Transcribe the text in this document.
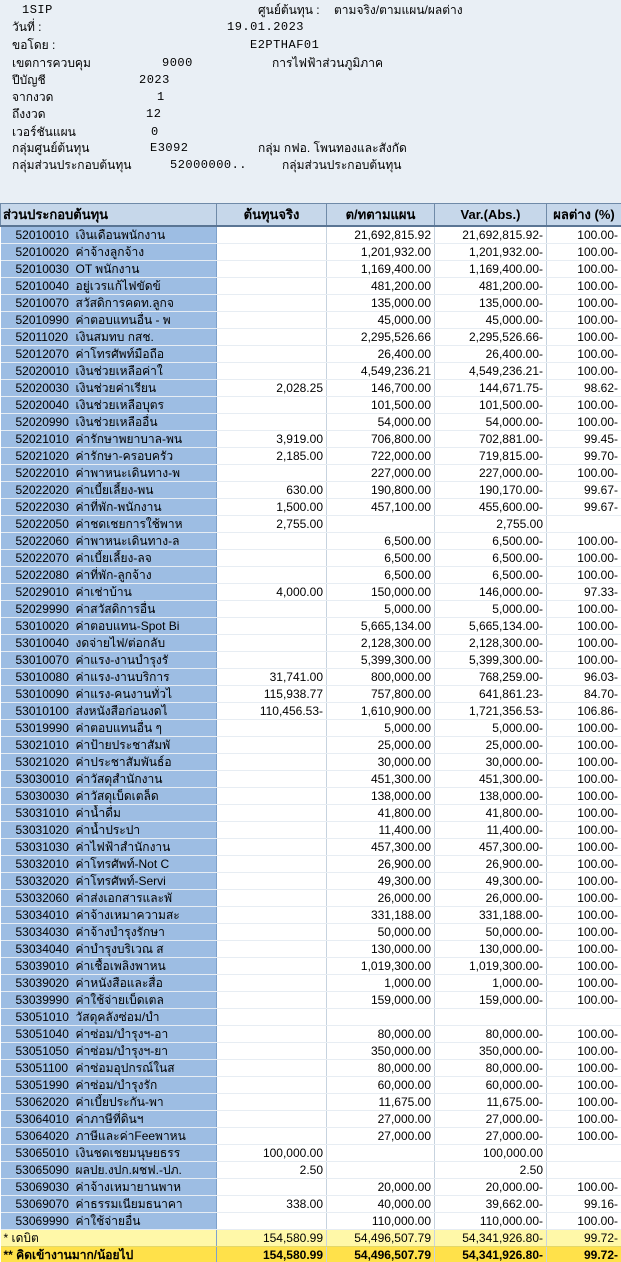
1SIP	ศูนย์ต้นทุน : ตามจริง/ตามแผน/ผลต่าง
วันที่ :	19.01.2023
ขอโดย :	E2PTHAF01
เขตการควบคุม	9000	การไฟฟ้าส่วนภูมิภาค
ปีบัญชี	2023
จากงวด	1
ถึงงวด	12
เวอร์ชันแผน	0
กลุ่มศูนย์ต้นทุน	E3092	กลุ่ม กฟอ. โพนทองและสังกัด
กลุ่มส่วนประกอบต้นทุน	52000000..	กลุ่มส่วนประกอบต้นทุน
ส่วนประกอบต้นทุน	ต้นทุนจริง	ต/ทตามแผน	Var.(Abs.)	ผลต่าง (%)
52010010 เงินเดือนพนักงาน		21,692,815.92	21,692,815.92-	100.00-
52010020 ค่าจ้างลูกจ้าง		1,201,932.00	1,201,932.00-	100.00-
52010030 OT พนักงาน		1,169,400.00	1,169,400.00-	100.00-
52010040 อยู่เวรแก้ไฟขัดข้		481,200.00	481,200.00-	100.00-
52010070 สวัสดิการคดท.ลูกจ		135,000.00	135,000.00-	100.00-
52010990 ค่าตอบแทนอื่น - พ		45,000.00	45,000.00-	100.00-
52011020 เงินสมทบ กสช.		2,295,526.66	2,295,526.66-	100.00-
52012070 ค่าโทรศัพท์มือถือ		26,400.00	26,400.00-	100.00-
52020010 เงินช่วยเหลือค่าใ		4,549,236.21	4,549,236.21-	100.00-
52020030 เงินช่วยค่าเรียน	2,028.25	146,700.00	144,671.75-	98.62-
52020040 เงินช่วยเหลือบุตร		101,500.00	101,500.00-	100.00-
52020990 เงินช่วยเหลืออื่น		54,000.00	54,000.00-	100.00-
52021010 ค่ารักษาพยาบาล-พน	3,919.00	706,800.00	702,881.00-	99.45-
52021020 ค่ารักษา-ครอบครัว	2,185.00	722,000.00	719,815.00-	99.70-
52022010 ค่าพาหนะเดินทาง-พ		227,000.00	227,000.00-	100.00-
52022020 ค่าเบี้ยเลี้ยง-พน	630.00	190,800.00	190,170.00-	99.67-
52022030 ค่าที่พัก-พนักงาน	1,500.00	457,100.00	455,600.00-	99.67-
52022050 ค่าชดเชยการใช้พาห	2,755.00		2,755.00	
52022060 ค่าพาหนะเดินทาง-ล		6,500.00	6,500.00-	100.00-
52022070 ค่าเบี้ยเลี้ยง-ลจ		6,500.00	6,500.00-	100.00-
52022080 ค่าที่พัก-ลูกจ้าง		6,500.00	6,500.00-	100.00-
52029010 ค่าเช่าบ้าน	4,000.00	150,000.00	146,000.00-	97.33-
52029990 ค่าสวัสดิการอื่น		5,000.00	5,000.00-	100.00-
53010020 ค่าตอบแทน-Spot Bi		5,665,134.00	5,665,134.00-	100.00-
53010040 งดจ่ายไฟ/ต่อกลับ		2,128,300.00	2,128,300.00-	100.00-
53010070 ค่าแรง-งานบำรุงรั		5,399,300.00	5,399,300.00-	100.00-
53010080 ค่าแรง-งานบริการ	31,741.00	800,000.00	768,259.00-	96.03-
53010090 ค่าแรง-คนงานทั่วไ	115,938.77	757,800.00	641,861.23-	84.70-
53010100 ส่งหนังสือก่อนงดไ	110,456.53-	1,610,900.00	1,721,356.53-	106.86-
53019990 ค่าตอบแทนอื่น ๆ		5,000.00	5,000.00-	100.00-
53021010 ค่าป้ายประชาสัมพั		25,000.00	25,000.00-	100.00-
53021020 ค่าประชาสัมพันธ์อ		30,000.00	30,000.00-	100.00-
53030010 ค่าวัสดุสำนักงาน		451,300.00	451,300.00-	100.00-
53030030 ค่าวัสดุเบ็ดเตล็ด		138,000.00	138,000.00-	100.00-
53031010 ค่าน้ำดื่ม		41,800.00	41,800.00-	100.00-
53031020 ค่าน้ำประปา		11,400.00	11,400.00-	100.00-
53031030 ค่าไฟฟ้าสำนักงาน		457,300.00	457,300.00-	100.00-
53032010 ค่าโทรศัพท์-Not C		26,900.00	26,900.00-	100.00-
53032020 ค่าโทรศัพท์-Servi		49,300.00	49,300.00-	100.00-
53032060 ค่าส่งเอกสารและพั		26,000.00	26,000.00-	100.00-
53034010 ค่าจ้างเหมาความสะ		331,188.00	331,188.00-	100.00-
53034030 ค่าจ้างบำรุงรักษา		50,000.00	50,000.00-	100.00-
53034040 ค่าบำรุงบริเวณ ส		130,000.00	130,000.00-	100.00-
53039010 ค่าเชื้อเพลิงพาหน		1,019,300.00	1,019,300.00-	100.00-
53039020 ค่าหนังสือและสื่อ		1,000.00	1,000.00-	100.00-
53039990 ค่าใช้จ่ายเบ็ดเตล		159,000.00	159,000.00-	100.00-
53051010 วัสดุคลังซ่อม/บำ				
53051040 ค่าซ่อม/บำรุงฯ-อา		80,000.00	80,000.00-	100.00-
53051050 ค่าซ่อม/บำรุงฯ-ยา		350,000.00	350,000.00-	100.00-
53051100 ค่าซ่อมอุปกรณ์ในส		80,000.00	80,000.00-	100.00-
53051990 ค่าซ่อม/บำรุงรัก		60,000.00	60,000.00-	100.00-
53062020 ค่าเบี้ยประกัน-พา		11,675.00	11,675.00-	100.00-
53064010 ค่าภาษีที่ดินฯ		27,000.00	27,000.00-	100.00-
53064020 ภาษีและค่าFeeพาหน		27,000.00	27,000.00-	100.00-
53065010 เงินชดเชยมนุษยธรร	100,000.00		100,000.00	
53065090 ผลปย.งปก.ผชฟ.-ปภ.	2.50		2.50	
53069030 ค่าจ้างเหมายานพาห		20,000.00	20,000.00-	100.00-
53069070 ค่าธรรมเนียมธนาคา	338.00	40,000.00	39,662.00-	99.16-
53069990 ค่าใช้จ่ายอื่น		110,000.00	110,000.00-	100.00-
* เดบิต	154,580.99	54,496,507.79	54,341,926.80-	99.72-
** คิดเข้างานมาก/น้อยไป	154,580.99	54,496,507.79	54,341,926.80-	99.72-
